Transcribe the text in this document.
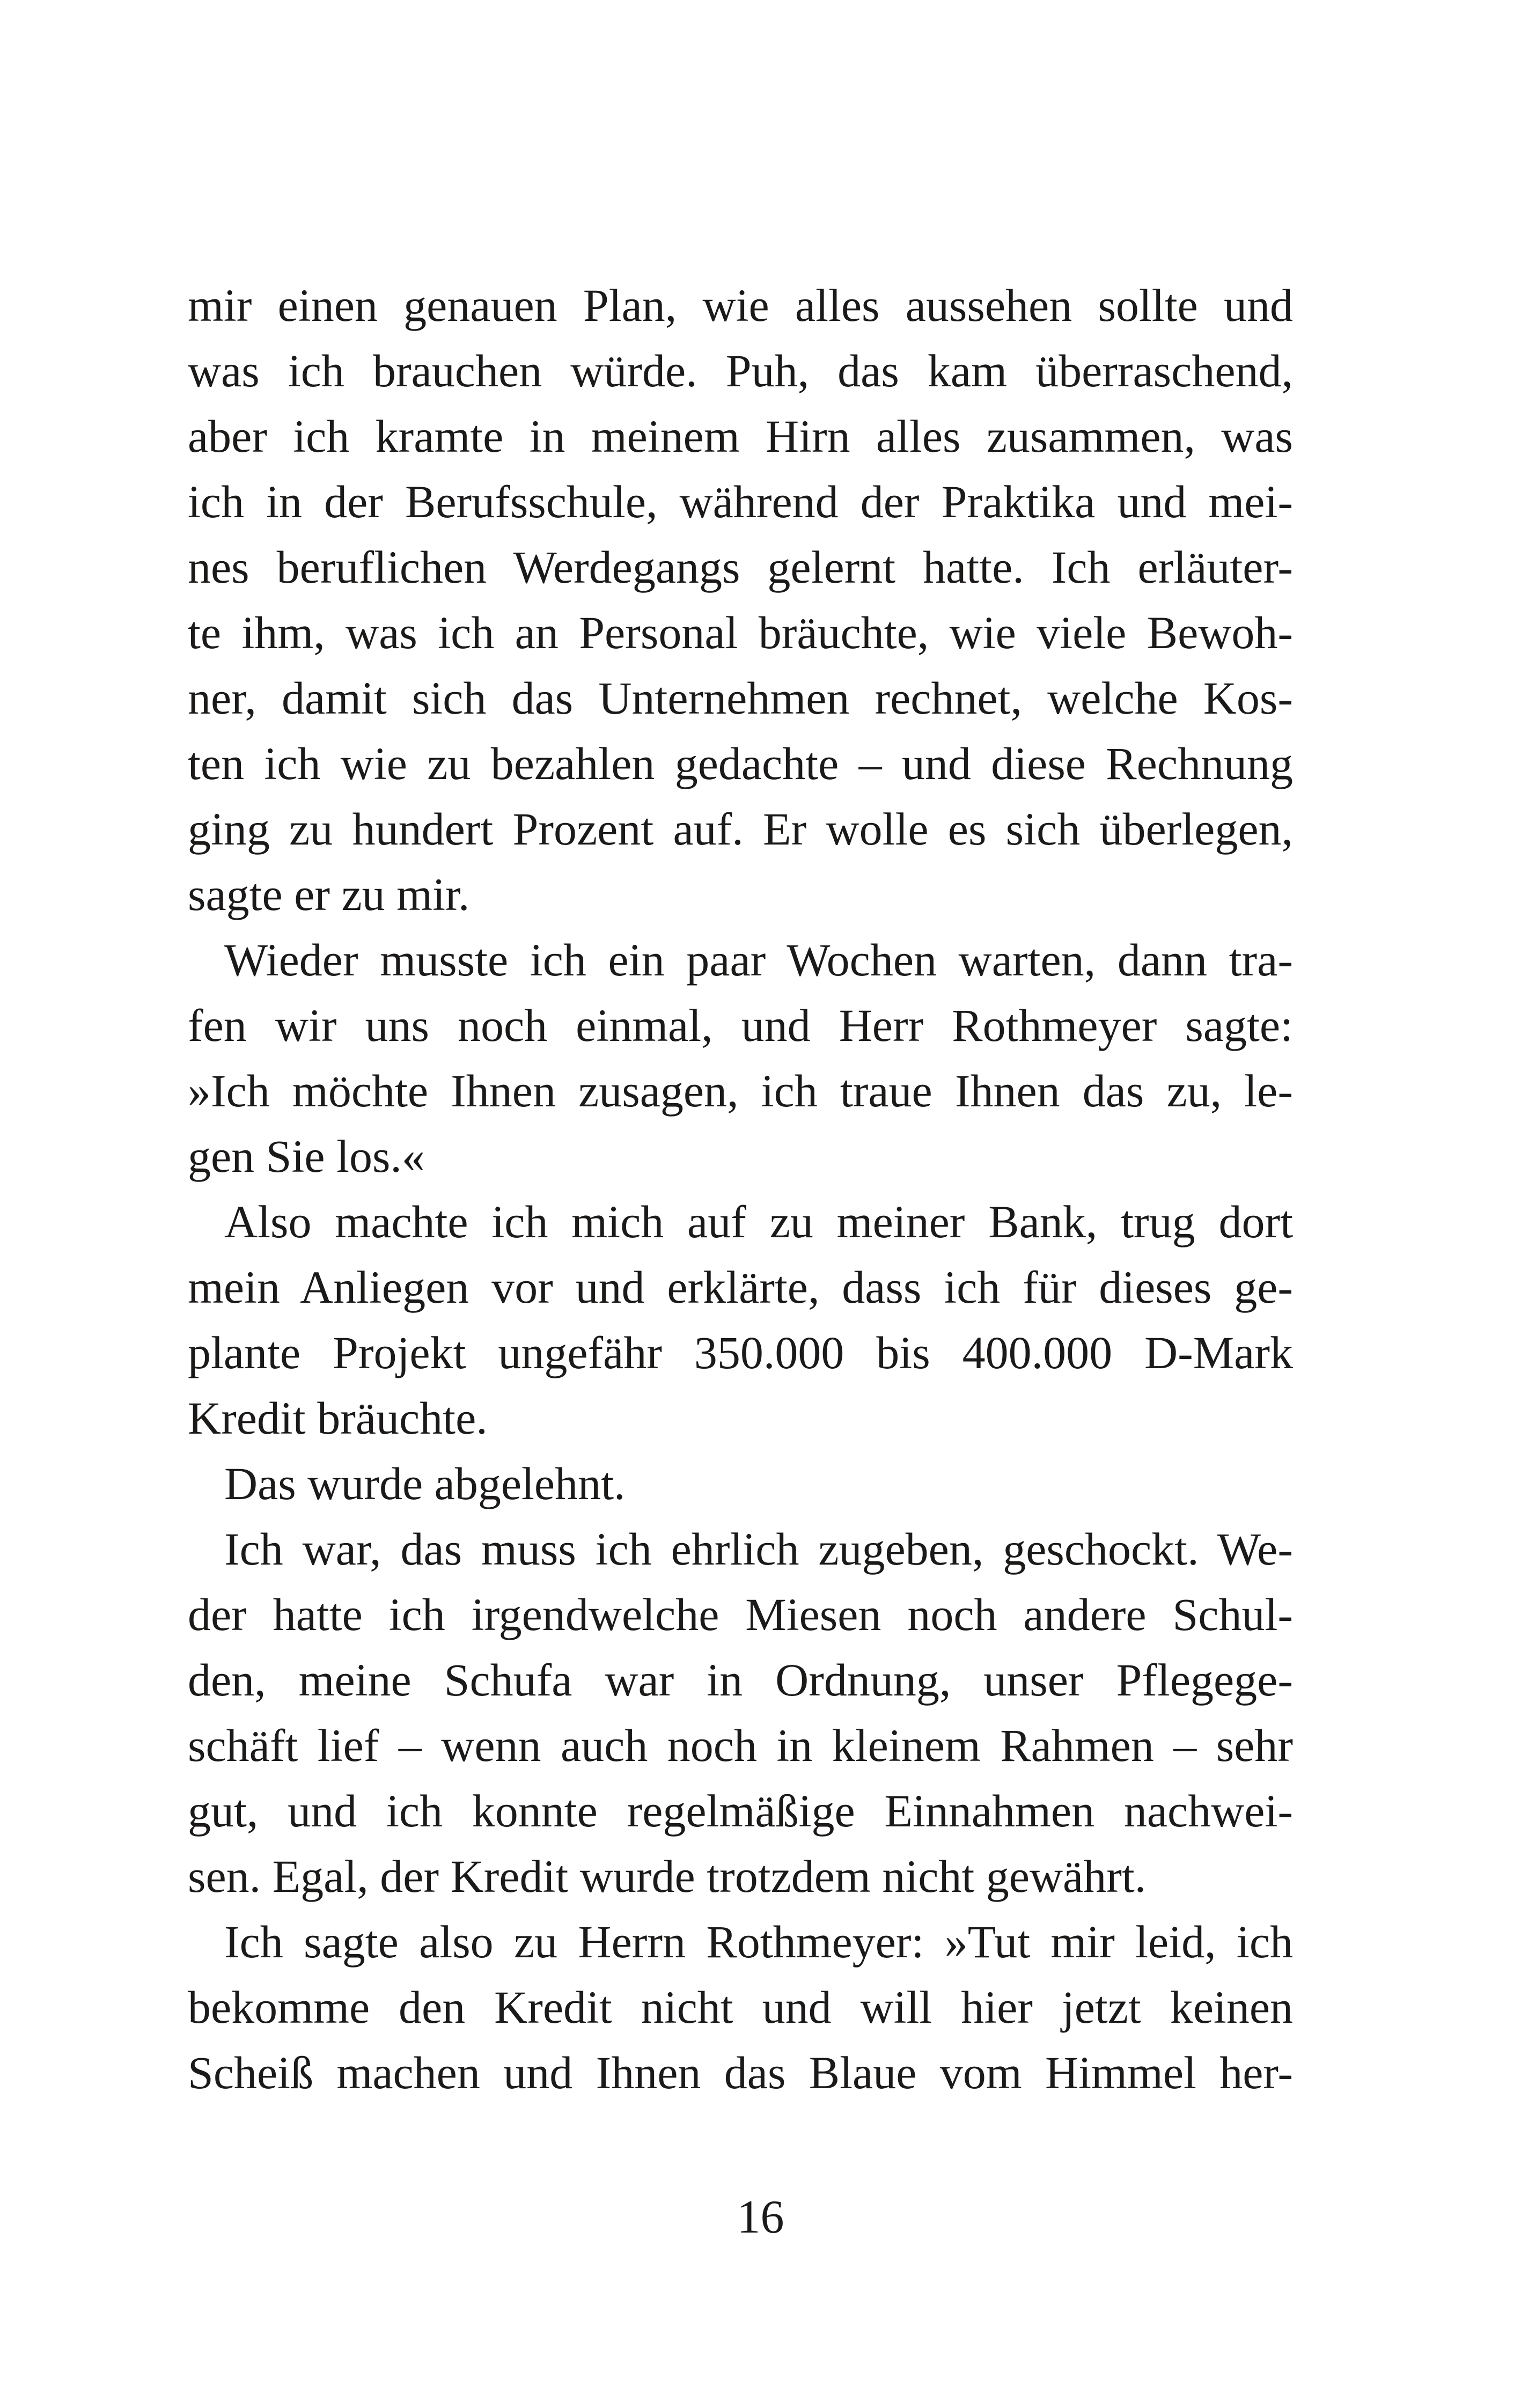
mir einen genauen Plan, wie alles aussehen sollte und
was ich brauchen würde. Puh, das kam überraschend,
aber ich kramte in meinem Hirn alles zusammen, was
ich in der Berufsschule, während der Praktika und mei-
nes beruflichen Werdegangs gelernt hatte. Ich erläuter-
te ihm, was ich an Personal bräuchte, wie viele Bewoh-
ner, damit sich das Unternehmen rechnet, welche Kos-
ten ich wie zu bezahlen gedachte – und diese Rechnung
ging zu hundert Prozent auf. Er wolle es sich überlegen,
sagte er zu mir.
Wieder musste ich ein paar Wochen warten, dann tra-
fen wir uns noch einmal, und Herr Rothmeyer sagte:
»Ich möchte Ihnen zusagen, ich traue Ihnen das zu, le-
gen Sie los.«
Also machte ich mich auf zu meiner Bank, trug dort
mein Anliegen vor und erklärte, dass ich für dieses ge-
plante Projekt ungefähr 350.000 bis 400.000 D-Mark
Kredit bräuchte.
Das wurde abgelehnt.
Ich war, das muss ich ehrlich zugeben, geschockt. We-
der hatte ich irgendwelche Miesen noch andere Schul-
den, meine Schufa war in Ordnung, unser Pflegege-
schäft lief – wenn auch noch in kleinem Rahmen – sehr
gut, und ich konnte regelmäßige Einnahmen nachwei-
sen. Egal, der Kredit wurde trotzdem nicht gewährt.
Ich sagte also zu Herrn Rothmeyer: »Tut mir leid, ich
bekomme den Kredit nicht und will hier jetzt keinen
Scheiß machen und Ihnen das Blaue vom Himmel her-
16
